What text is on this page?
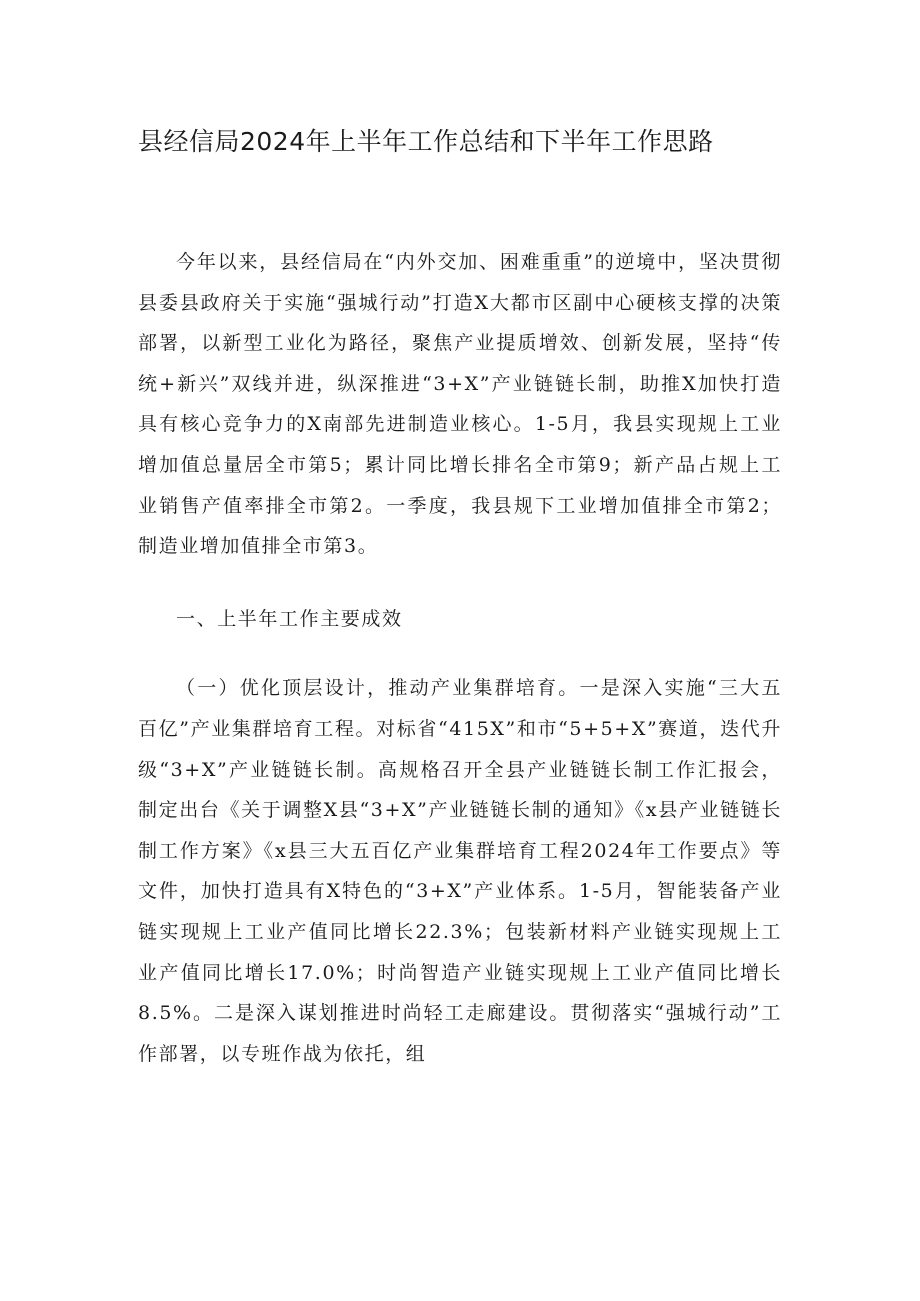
县经信局2024年上半年工作总结和下半年工作思路

今年以来，县经信局在“内外交加、困难重重”的逆境中，坚决贯彻县委县政府关于实施“强城行动”打造X大都市区副中心硬核支撑的决策部署，以新型工业化为路径，聚焦产业提质增效、创新发展，坚持“传统+新兴”双线并进，纵深推进“3+X”产业链链长制，助推X加快打造具有核心竞争力的X南部先进制造业核心。1-5月，我县实现规上工业增加值总量居全市第5；累计同比增长排名全市第9；新产品占规上工业销售产值率排全市第2。一季度，我县规下工业增加值排全市第2；制造业增加值排全市第3。

一、上半年工作主要成效

（一）优化顶层设计，推动产业集群培育。一是深入实施“三大五百亿”产业集群培育工程。对标省“415X”和市“5+5+X”赛道，迭代升级“3+X”产业链链长制。高规格召开全县产业链链长制工作汇报会，制定出台《关于调整X县“3+X”产业链链长制的通知》《x县产业链链长制工作方案》《x县三大五百亿产业集群培育工程2024年工作要点》等文件，加快打造具有X特色的“3+X”产业体系。1-5月，智能装备产业链实现规上工业产值同比增长22.3%；包装新材料产业链实现规上工业产值同比增长17.0%；时尚智造产业链实现规上工业产值同比增长8.5%。二是深入谋划推进时尚轻工走廊建设。贯彻落实“强城行动”工作部署，以专班作战为依托，组
